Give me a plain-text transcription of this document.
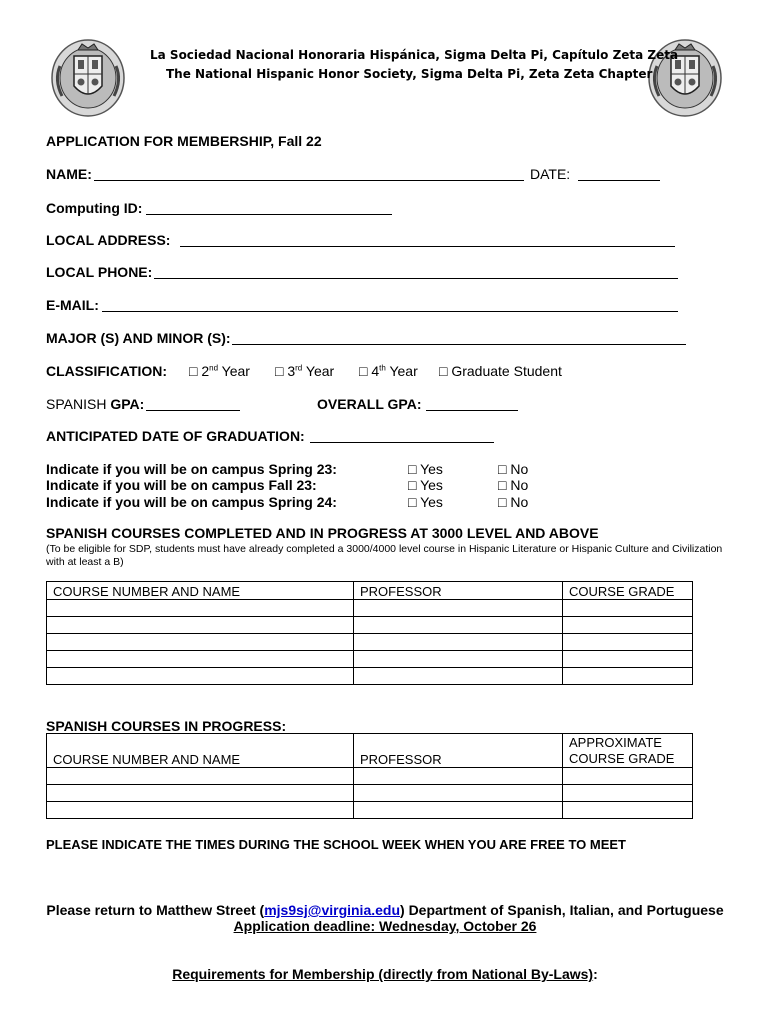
La Sociedad Nacional Honoraria Hispánica, Sigma Delta Pi, Capítulo Zeta Zeta
The National Hispanic Honor Society, Sigma Delta Pi, Zeta Zeta Chapter
APPLICATION FOR MEMBERSHIP, Fall 22
NAME:	DATE:
Computing ID:
LOCAL ADDRESS:
LOCAL PHONE:
E-MAIL:
MAJOR (S) AND MINOR (S):
CLASSIFICATION: □ 2nd Year □ 3rd Year □ 4th Year □ Graduate Student
SPANISH GPA:	OVERALL GPA:
ANTICIPATED DATE OF GRADUATION:
Indicate if you will be on campus Spring 23:	□ Yes	□ No
Indicate if you will be on campus Fall 23:	□ Yes	□ No
Indicate if you will be on campus Spring 24:	□ Yes	□ No
SPANISH COURSES COMPLETED AND IN PROGRESS AT 3000 LEVEL AND ABOVE
(To be eligible for SDP, students must have already completed a 3000/4000 level course in Hispanic Literature or Hispanic Culture and Civilization with at least a B)
COURSE NUMBER AND NAME	PROFESSOR	COURSE GRADE

SPANISH COURSES IN PROGRESS:
COURSE NUMBER AND NAME	PROFESSOR	APPROXIMATE
COURSE GRADE

PLEASE INDICATE THE TIMES DURING THE SCHOOL WEEK WHEN YOU ARE FREE TO MEET
Please return to Matthew Street (mjs9sj@virginia.edu) Department of Spanish, Italian, and Portuguese
Application deadline: Wednesday, October 26
Requirements for Membership (directly from National By-Laws):
